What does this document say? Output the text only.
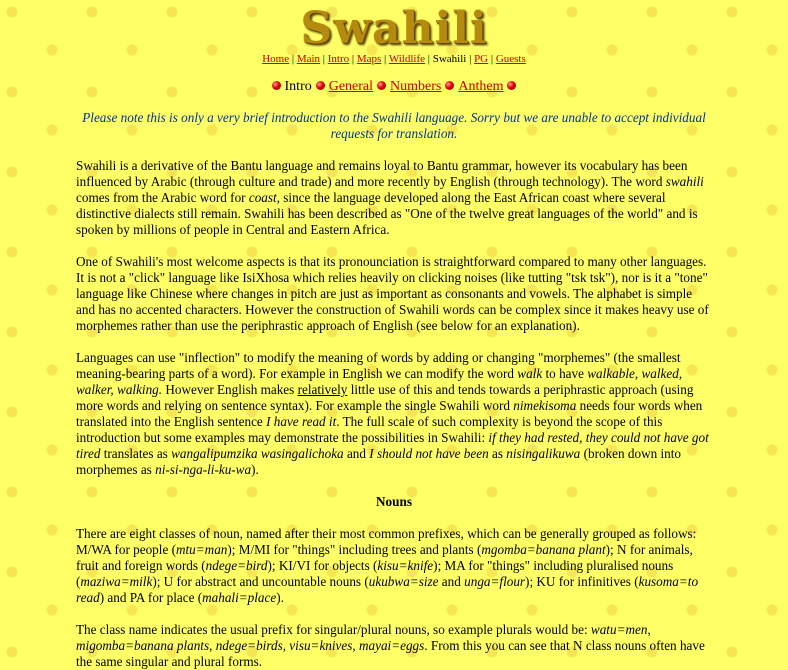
Swahili
Home | Main | Intro | Maps | Wildlife | Swahili | PG | Guests
Intro General Numbers Anthem
Please note this is only a very brief introduction to the Swahili language. Sorry but we are unable to accept individual requests for translation.

Swahili is a derivative of the Bantu language and remains loyal to Bantu grammar, however its vocabulary has been influenced by Arabic (through culture and trade) and more recently by English (through technology). The word swahili comes from the Arabic word for coast, since the language developed along the East African coast where several distinctive dialects still remain. Swahili has been described as "One of the twelve great languages of the world" and is spoken by millions of people in Central and Eastern Africa.

One of Swahili's most welcome aspects is that its pronounciation is straightforward compared to many other languages. It is not a "click" language like IsiXhosa which relies heavily on clicking noises (like tutting "tsk tsk"), nor is it a "tone" language like Chinese where changes in pitch are just as important as consonants and vowels. The alphabet is simple and has no accented characters. However the construction of Swahili words can be complex since it makes heavy use of morphemes rather than use the periphrastic approach of English (see below for an explanation).

Languages can use "inflection" to modify the meaning of words by adding or changing "morphemes" (the smallest meaning-bearing parts of a word). For example in English we can modify the word walk to have walkable, walked, walker, walking. However English makes relatively little use of this and tends towards a periphrastic approach (using more words and relying on sentence syntax). For example the single Swahili word nimekisoma needs four words when translated into the English sentence I have read it. The full scale of such complexity is beyond the scope of this introduction but some examples may demonstrate the possibilities in Swahili: if they had rested, they could not have got tired translates as wangalipumzika wasingalichoka and I should not have been as nisingalikuwa (broken down into morphemes as ni-si-nga-li-ku-wa).

Nouns

There are eight classes of noun, named after their most common prefixes, which can be generally grouped as follows: M/WA for people (mtu=man); M/MI for "things" including trees and plants (mgomba=banana plant); N for animals, fruit and foreign words (ndege=bird); KI/VI for objects (kisu=knife); MA for "things" including pluralised nouns (maziwa=milk); U for abstract and uncountable nouns (ukubwa=size and unga=flour); KU for infinitives (kusoma=to read) and PA for place (mahali=place).

The class name indicates the usual prefix for singular/plural nouns, so example plurals would be: watu=men, migomba=banana plants, ndege=birds, visu=knives, mayai=eggs. From this you can see that N class nouns often have the same singular and plural forms.
